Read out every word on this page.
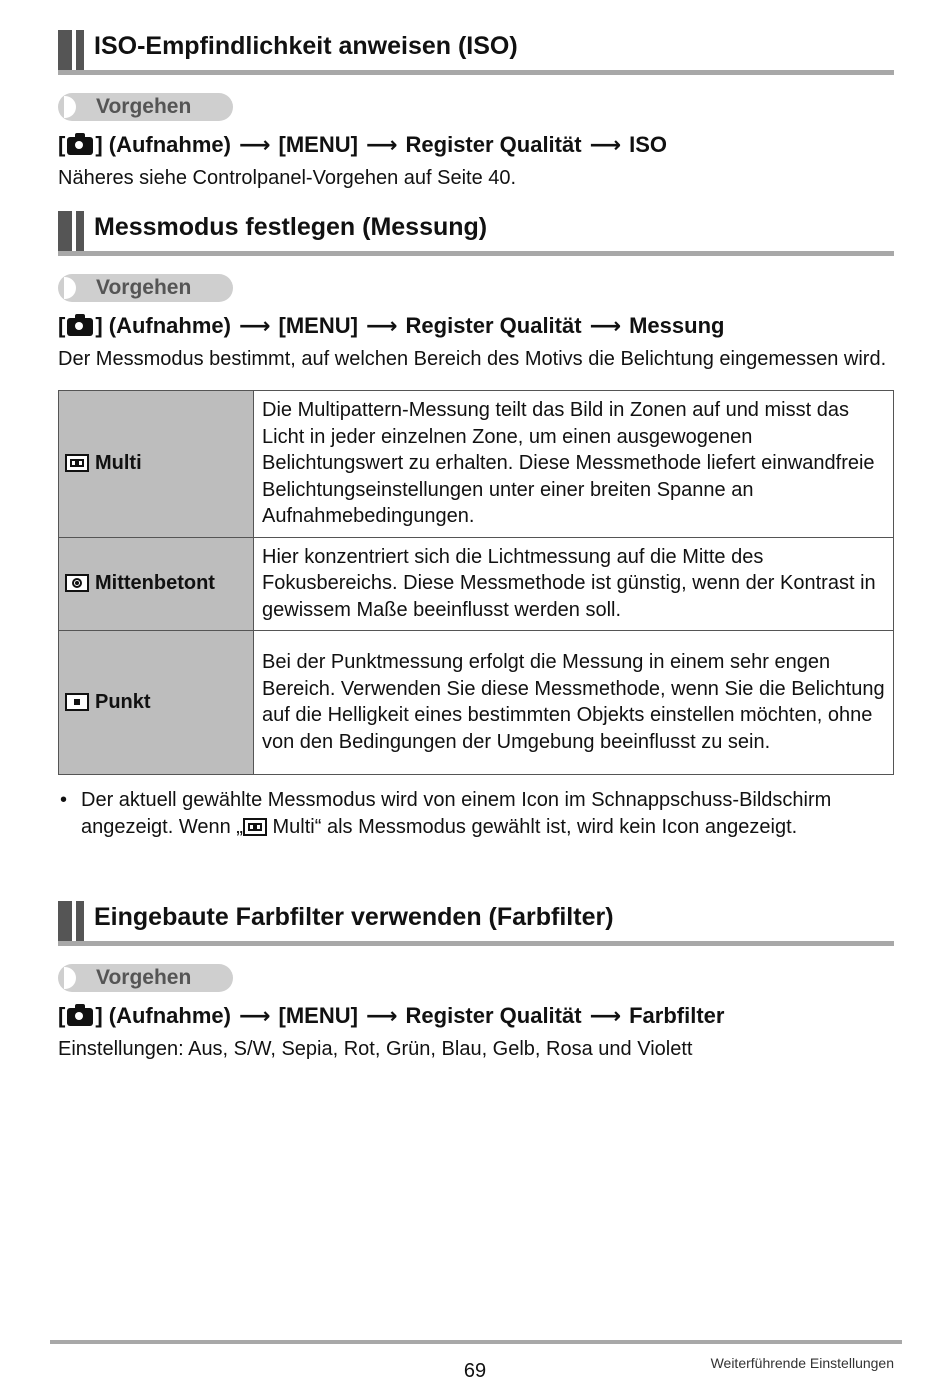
ISO-Empfindlichkeit anweisen (ISO)
Vorgehen
[ ] (Aufnahme) ⟶ [MENU] ⟶ Register Qualität ⟶ ISO
Näheres siehe Controlpanel-Vorgehen auf Seite 40.
Messmodus festlegen (Messung)
Vorgehen
[ ] (Aufnahme) ⟶ [MENU] ⟶ Register Qualität ⟶ Messung
Der Messmodus bestimmt, auf welchen Bereich des Motivs die Belichtung eingemessen wird.
Multi	Die Multipattern-Messung teilt das Bild in Zonen auf und misst das Licht in jeder einzelnen Zone, um einen ausgewogenen Belichtungswert zu erhalten. Diese Messmethode liefert einwandfreie Belichtungseinstellungen unter einer breiten Spanne an Aufnahmebedingungen.
Mittenbetont	Hier konzentriert sich die Lichtmessung auf die Mitte des Fokusbereichs. Diese Messmethode ist günstig, wenn der Kontrast in gewissem Maße beeinflusst werden soll.
Punkt	Bei der Punktmessung erfolgt die Messung in einem sehr engen Bereich. Verwenden Sie diese Messmethode, wenn Sie die Belichtung auf die Helligkeit eines bestimmten Objekts einstellen möchten, ohne von den Bedingungen der Umgebung beeinflusst zu sein.
• Der aktuell gewählte Messmodus wird von einem Icon im Schnappschuss-Bildschirm angezeigt. Wenn „ Multi“ als Messmodus gewählt ist, wird kein Icon angezeigt.
Eingebaute Farbfilter verwenden (Farbfilter)
Vorgehen
[ ] (Aufnahme) ⟶ [MENU] ⟶ Register Qualität ⟶ Farbfilter
Einstellungen: Aus, S/W, Sepia, Rot, Grün, Blau, Gelb, Rosa und Violett
69	Weiterführende Einstellungen
